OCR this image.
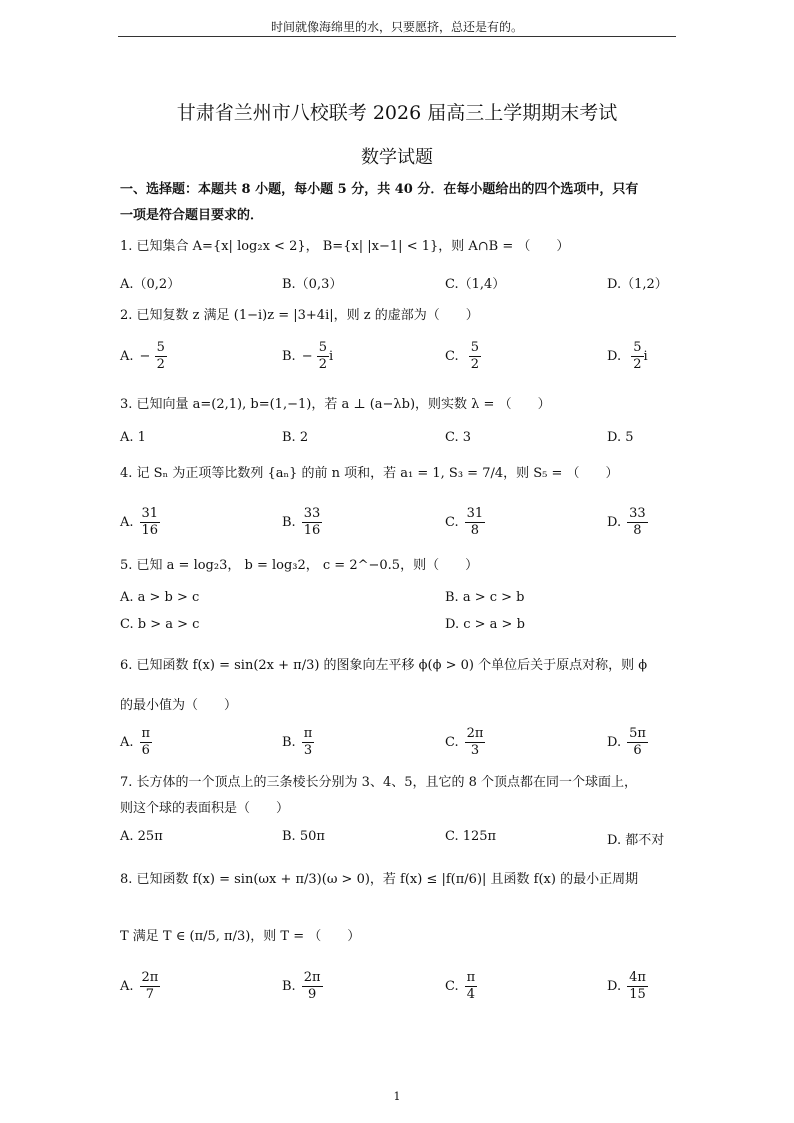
时间就像海绵里的水，只要愿挤，总还是有的。
甘肃省兰州市八校联考 2026 届高三上学期期末考试
数学试题
一、选择题：本题共 8 小题，每小题 5 分，共 40 分．在每小题给出的四个选项中，只有
一项是符合题目要求的．
1. 已知集合 A={x| log₂x < 2}， B={x| |x−1| < 1}，则 A∩B = （　　）
A.（0,2）	B.（0,3）	C.（1,4）	D.（1,2）
2. 已知复数 z 满足 (1−i)z = |3+4i|，则 z 的虚部为（　　）
A. − $\frac{5}{2}$	B. − $\frac{5}{2}$ i	C. $\frac{5}{2}$	D. $\frac{5}{2}$ i
3. 已知向量 a=(2,1), b=(1,−1)，若 a ⊥ (a−λb)，则实数 λ = （　　）
A. 1	B. 2	C. 3	D. 5
4. 记 Sₙ 为正项等比数列 {aₙ} 的前 n 项和，若 a₁ = 1, S₃ = 7/4，则 S₅ = （　　）
A. $\frac{31}{16}$	B. $\frac{33}{16}$	C. $\frac{31}{8}$	D. $\frac{33}{8}$
5. 已知 a = log₂3， b = log₃2， c = 2^−0.5，则（　　）
A. a > b > c	B. a > c > b
C. b > a > c	D. c > a > b
6. 已知函数 f(x) = sin(2x + π/3) 的图象向左平移 ϕ(ϕ > 0) 个单位后关于原点对称，则 ϕ
的最小值为（　　）
A. $\frac{\pi}{6}$	B. $\frac{\pi}{3}$	C. $\frac{2\pi}{3}$	D. $\frac{5\pi}{6}$
7. 长方体的一个顶点上的三条棱长分别为 3、4、5，且它的 8 个顶点都在同一个球面上，
则这个球的表面积是（　　）
A. 25π	B. 50π	C. 125π	D. 都不对
8. 已知函数 f(x) = sin(ωx + π/3)(ω > 0)，若 f(x) ≤ |f(π/6)| 且函数 f(x) 的最小正周期
T 满足 T ∈ (π/5, π/3)，则 T = （　　）
A. $\frac{2\pi}{7}$	B. $\frac{2\pi}{9}$	C. $\frac{\pi}{4}$	D. $\frac{4\pi}{15}$
1
